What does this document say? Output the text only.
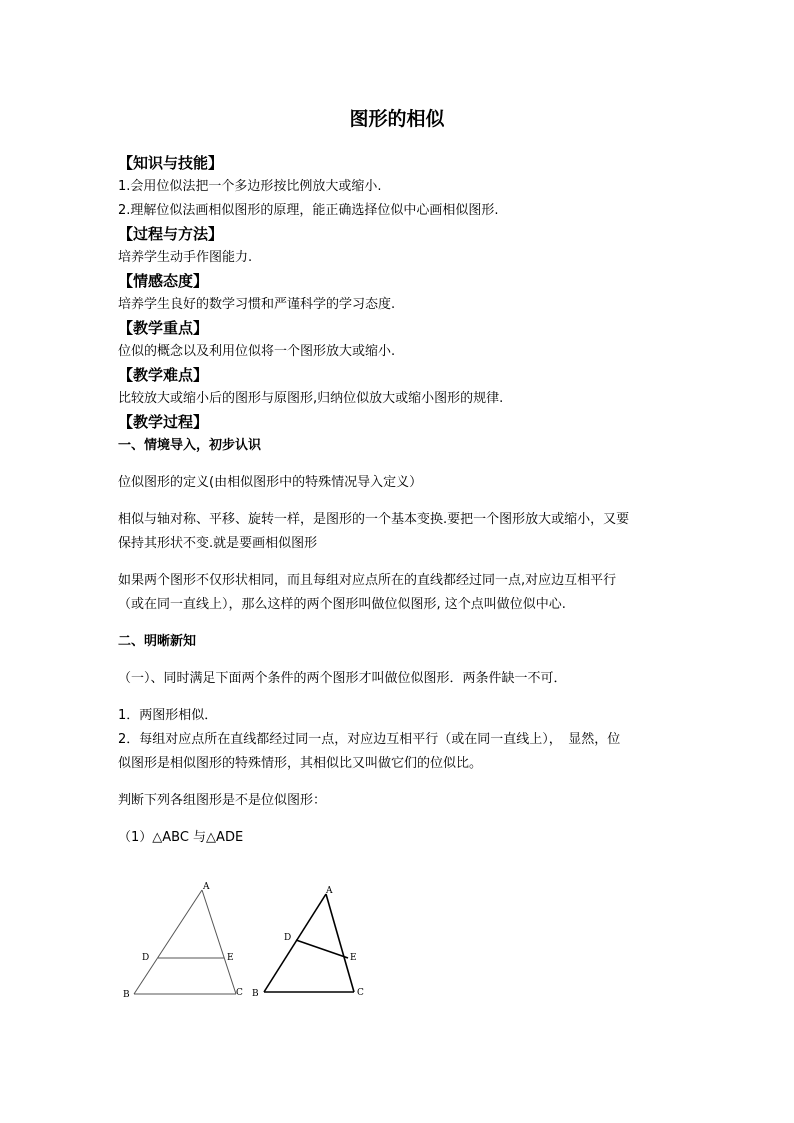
图形的相似
【知识与技能】
1.会用位似法把一个多边形按比例放大或缩小.
2.理解位似法画相似图形的原理，能正确选择位似中心画相似图形.
【过程与方法】
培养学生动手作图能力.
【情感态度】
培养学生良好的数学习惯和严谨科学的学习态度.
【教学重点】
位似的概念以及利用位似将一个图形放大或缩小.
【教学难点】
比较放大或缩小后的图形与原图形,归纳位似放大或缩小图形的规律.
【教学过程】
一、情境导入，初步认识
位似图形的定义(由相似图形中的特殊情况导入定义）
相似与轴对称、平移、旋转一样，是图形的一个基本变换.要把一个图形放大或缩小，又要
保持其形状不变.就是要画相似图形
如果两个图形不仅形状相同，而且每组对应点所在的直线都经过同一点,对应边互相平行
（或在同一直线上），那么这样的两个图形叫做位似图形, 这个点叫做位似中心.
二、明晰新知
（一）、同时满足下面两个条件的两个图形才叫做位似图形．两条件缺一不可．
1．两图形相似．
2．每组对应点所在直线都经过同一点，对应边互相平行（或在同一直线上），　显然，位
似图形是相似图形的特殊情形，其相似比又叫做它们的位似比。
判断下列各组图形是不是位似图形：
（1）△ABC 与△ADE
A
D	E
B	C
A
D
E
B	C
